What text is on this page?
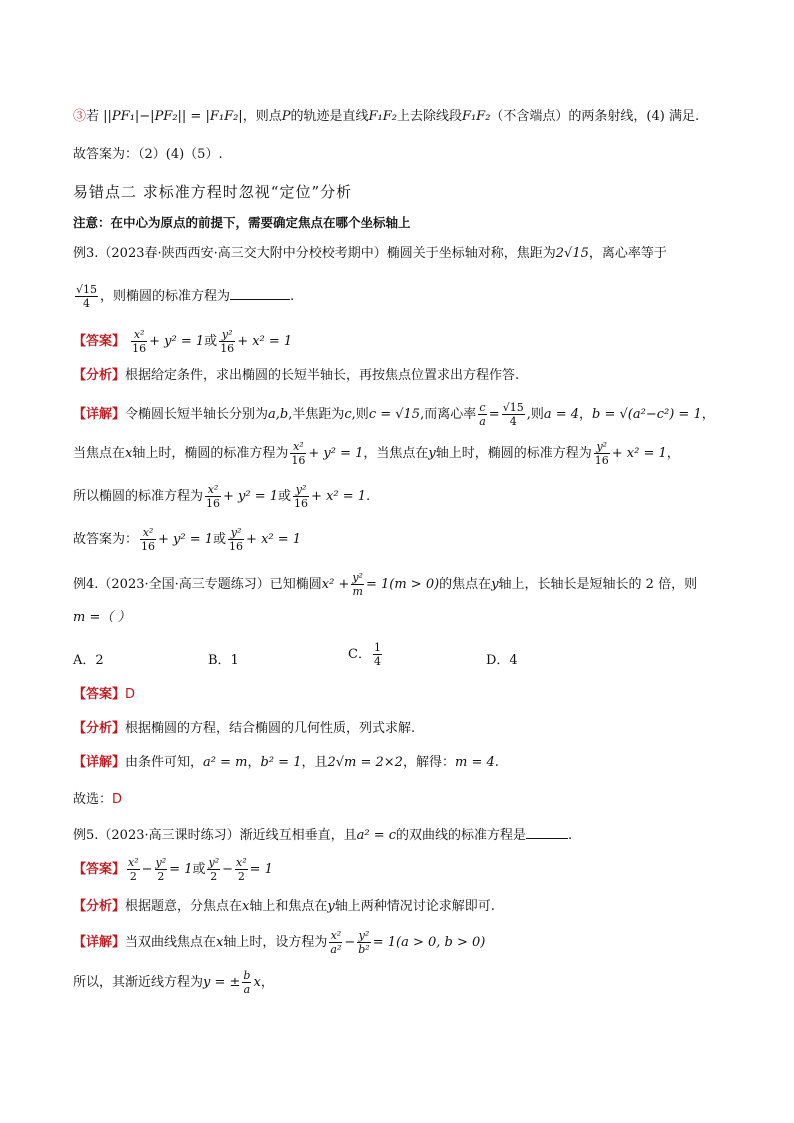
③若 ||PF₁|−|PF₂|| = |F₁F₂|，则点P的轨迹是直线F₁F₂上去除线段F₁F₂（不含端点）的两条射线，(4) 满足.
故答案为：（2）(4)（5）.
易错点二 求标准方程时忽视“定位”分析
注意：在中心为原点的前提下，需要确定焦点在哪个坐标轴上
例3.（2023春·陕西西安·高三交大附中分校校考期中）椭圆关于坐标轴对称，焦距为2√15，离心率等于
$\frac{√15}{4}$ ，则椭圆的标准方程为	.
【答案】 $\frac{\text{x²}}{16} + y^2 = 1$或 $\frac{\text{y²}}{16} + x^2 = 1$
【分析】根据给定条件，求出椭圆的长短半轴长，再按焦点位置求出方程作答.
【详解】令椭圆长短半轴长分别为a,b,半焦距为c,则c = √15,而离心率 $\frac{c}{a} = \frac{√15}{4}$ ,则a = 4，b = √(a²−c²) = 1，
当焦点在x轴上时，椭圆的标准方程为 $\frac{\text{x²}}{16} + y^2 = 1$，当焦点在y轴上时，椭圆的标准方程为 $\frac{\text{y²}}{16} + x^2 = 1$，
所以椭圆的标准方程为 $\frac{\text{x²}}{16} + y^2 = 1$或 $\frac{\text{y²}}{16} + x^2 = 1$.
故答案为： $\frac{\text{x²}}{16} + y^2 = 1$或 $\frac{\text{y²}}{16} + x^2 = 1$
例4.（2023·全国·高三专题练习）已知椭圆$x^2 + \frac{\text{y²}}{m} = 1(m > 0)$的焦点在y轴上，长轴长是短轴长的 2 倍，则
m =（ ）
A．2	B．1	C． $\frac{1}{4}$	D．4
【答案】D
【分析】根据椭圆的方程，结合椭圆的几何性质，列式求解.
【详解】由条件可知，a² = m，b² = 1，且2√m = 2×2，解得：m = 4.
故选：D
例5.（2023·高三课时练习）渐近线互相垂直，且a² = c的双曲线的标准方程是	.
【答案】 $\frac{\text{x²}}{2} - \frac{\text{y²}}{2} = 1$或 $\frac{\text{y²}}{2} - \frac{\text{x²}}{2} = 1$
【分析】根据题意，分焦点在x轴上和焦点在y轴上两种情况讨论求解即可.
【详解】当双曲线焦点在x轴上时，设方程为 $\frac{\text{x²}}{\text{a²}} - \frac{\text{y²}}{\text{b²}} = 1(a > 0$, b > 0)
所以，其渐近线方程为y = ± $\frac{b}{a}$ x，
